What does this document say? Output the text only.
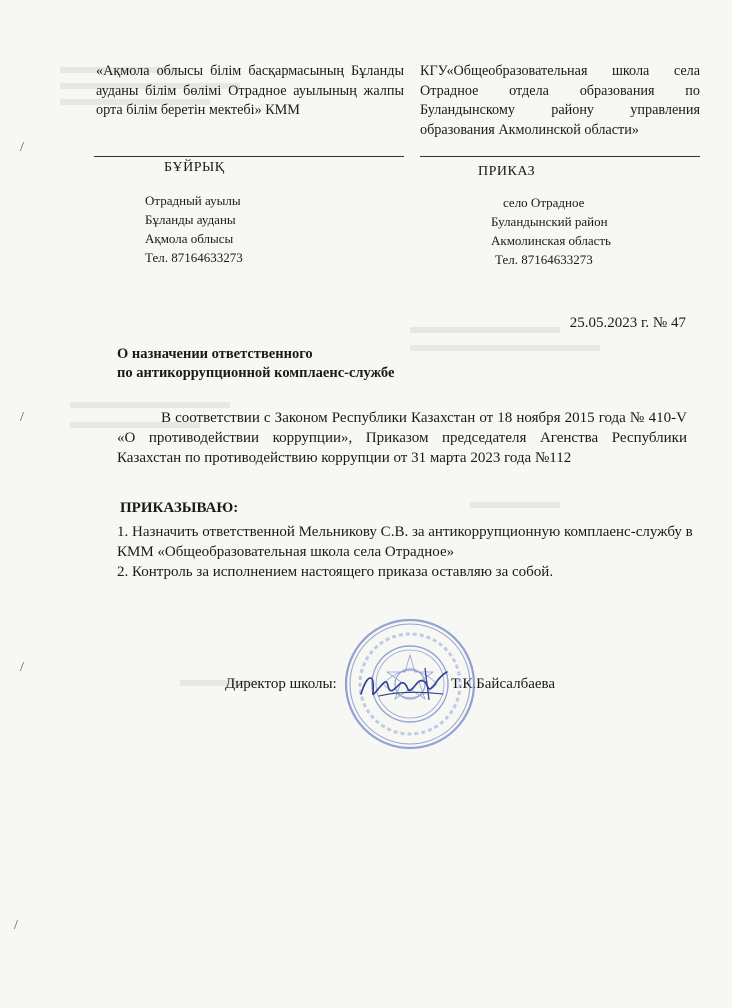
/
/
/
/
«Ақмола облысы білім басқармасының Бұланды ауданы білім бөлімі Отрадное ауылының жалпы орта білім беретін мектебі» КММ
КГУ«Общеобразовательная школа села Отрадное отдела образования по Буландынскому району управления образования Акмолинской области»
БҰЙРЫҚ	ПРИКАЗ
Отрадный ауылы
Бұланды ауданы
Ақмола облысы
Тел. 87164633273
село Отрадное
Буландынский район
Акмолинская область
Тел. 87164633273
25.05.2023 г. № 47
О назначении ответственного
по антикоррупционной комплаенс-службе
В соответствии с Законом Республики Казахстан от 18 ноября 2015 года № 410-V «О противодействии коррупции», Приказом председателя Агенства Республики Казахстан по противодействию коррупции от 31 марта 2023 года №112
ПРИКАЗЫВАЮ:
1. Назначить ответственной Мельникову С.В. за антикоррупционную комплаенс-службу в КММ «Общеобразовательная школа села Отрадное»
2. Контроль за исполнением настоящего приказа оставляю за собой.
Директор школы:	Т.К.Байсалбаева
